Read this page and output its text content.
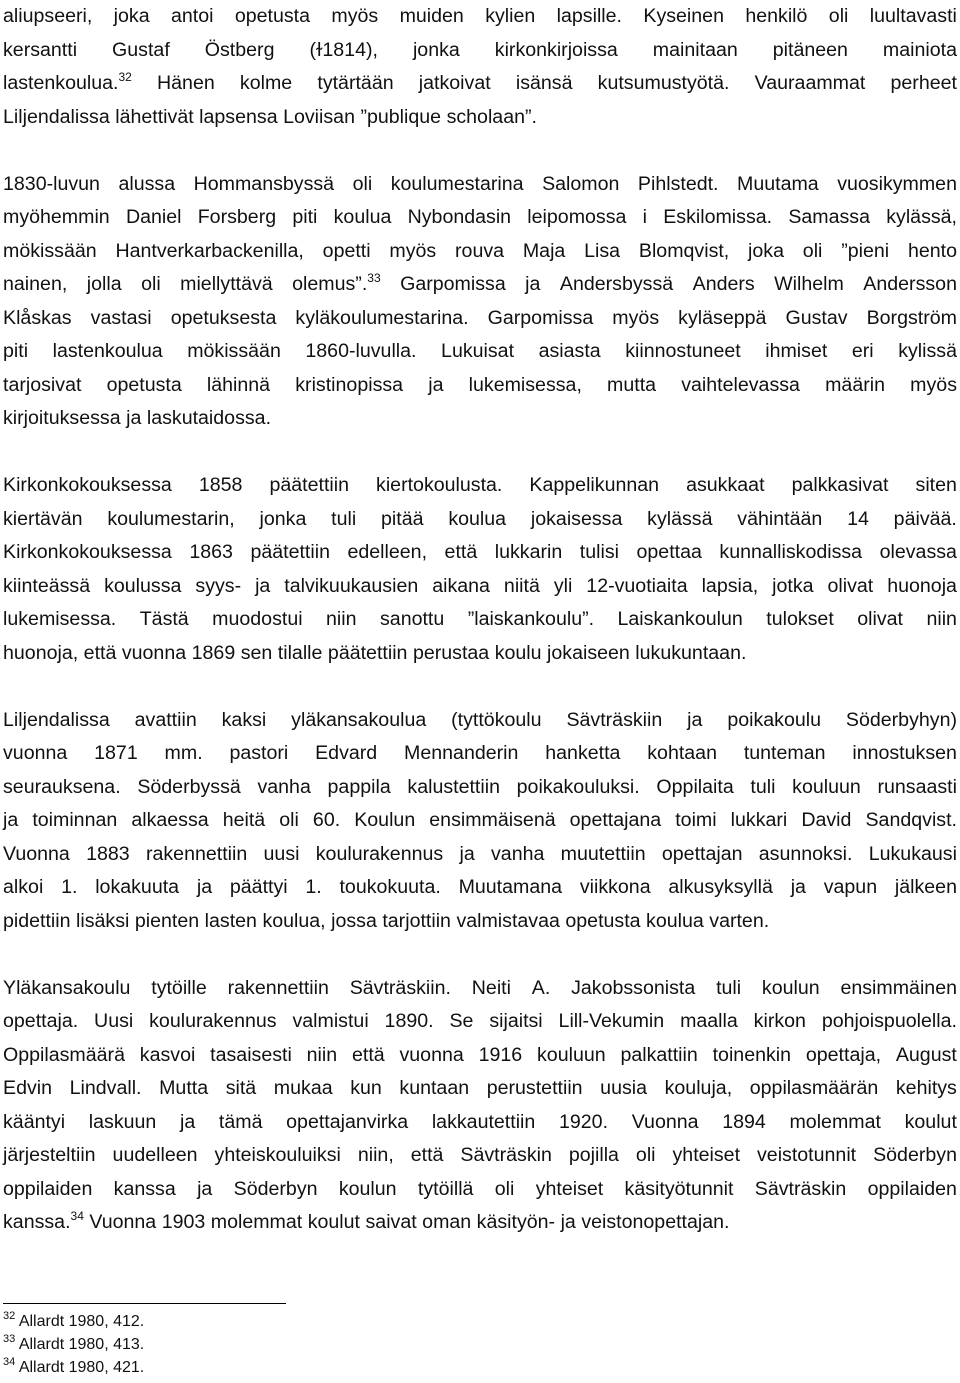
aliupseeri, joka antoi opetusta myös muiden kylien lapsille. Kyseinen henkilö oli luultavasti
kersantti Gustaf Östberg (ɫ1814), jonka kirkonkirjoissa mainitaan pitäneen mainiota
lastenkoulua.$^{32}$ Hänen kolme tytärtään jatkoivat isänsä kutsumustyötä. Vauraammat perheet
Liljendalissa lähettivät lapsensa Loviisan ”publique scholaan”.
1830-luvun alussa Hommansbyssä oli koulumestarina Salomon Pihlstedt. Muutama vuosikymmen
myöhemmin Daniel Forsberg piti koulua Nybondasin leipomossa i Eskilomissa. Samassa kylässä,
mökissään Hantverkarbackenilla, opetti myös rouva Maja Lisa Blomqvist, joka oli ”pieni hento
nainen, jolla oli miellyttävä olemus”.$^{33}$ Garpomissa ja Andersbyssä Anders Wilhelm Andersson
Klåskas vastasi opetuksesta kyläkoulumestarina. Garpomissa myös kyläseppä Gustav Borgström
piti lastenkoulua mökissään 1860-luvulla. Lukuisat asiasta kiinnostuneet ihmiset eri kylissä
tarjosivat opetusta lähinnä kristinopissa ja lukemisessa, mutta vaihtelevassa määrin myös
kirjoituksessa ja laskutaidossa.
Kirkonkokouksessa 1858 päätettiin kiertokoulusta. Kappelikunnan asukkaat palkkasivat siten
kiertävän koulumestarin, jonka tuli pitää koulua jokaisessa kylässä vähintään 14 päivää.
Kirkonkokouksessa 1863 päätettiin edelleen, että lukkarin tulisi opettaa kunnalliskodissa olevassa
kiinteässä koulussa syys- ja talvikuukausien aikana niitä yli 12-vuotiaita lapsia, jotka olivat huonoja
lukemisessa. Tästä muodostui niin sanottu ”laiskankoulu”. Laiskankoulun tulokset olivat niin
huonoja, että vuonna 1869 sen tilalle päätettiin perustaa koulu jokaiseen lukukuntaan.
Liljendalissa avattiin kaksi yläkansakoulua (tyttökoulu Sävträskiin ja poikakoulu Söderbyhyn)
vuonna 1871 mm. pastori Edvard Mennanderin hanketta kohtaan tunteman innostuksen
seurauksena. Söderbyssä vanha pappila kalustettiin poikakouluksi. Oppilaita tuli kouluun runsaasti
ja toiminnan alkaessa heitä oli 60. Koulun ensimmäisenä opettajana toimi lukkari David Sandqvist.
Vuonna 1883 rakennettiin uusi koulurakennus ja vanha muutettiin opettajan asunnoksi. Lukukausi
alkoi 1. lokakuuta ja päättyi 1. toukokuuta. Muutamana viikkona alkusyksyllä ja vapun jälkeen
pidettiin lisäksi pienten lasten koulua, jossa tarjottiin valmistavaa opetusta koulua varten.
Yläkansakoulu tytöille rakennettiin Sävträskiin. Neiti A. Jakobssonista tuli koulun ensimmäinen
opettaja. Uusi koulurakennus valmistui 1890. Se sijaitsi Lill-Vekumin maalla kirkon pohjoispuolella.
Oppilasmäärä kasvoi tasaisesti niin että vuonna 1916 kouluun palkattiin toinenkin opettaja, August
Edvin Lindvall. Mutta sitä mukaa kun kuntaan perustettiin uusia kouluja, oppilasmäärän kehitys
kääntyi laskuun ja tämä opettajanvirka lakkautettiin 1920. Vuonna 1894 molemmat koulut
järjesteltiin uudelleen yhteiskouluiksi niin, että Sävträskin pojilla oli yhteiset veistotunnit Söderbyn
oppilaiden kanssa ja Söderbyn koulun tytöillä oli yhteiset käsityötunnit Sävträskin oppilaiden
kanssa.$^{34}$ Vuonna 1903 molemmat koulut saivat oman käsityön- ja veistonopettajan.
$^{32}$ Allardt 1980, 412.
$^{33}$ Allardt 1980, 413.
$^{34}$ Allardt 1980, 421.
